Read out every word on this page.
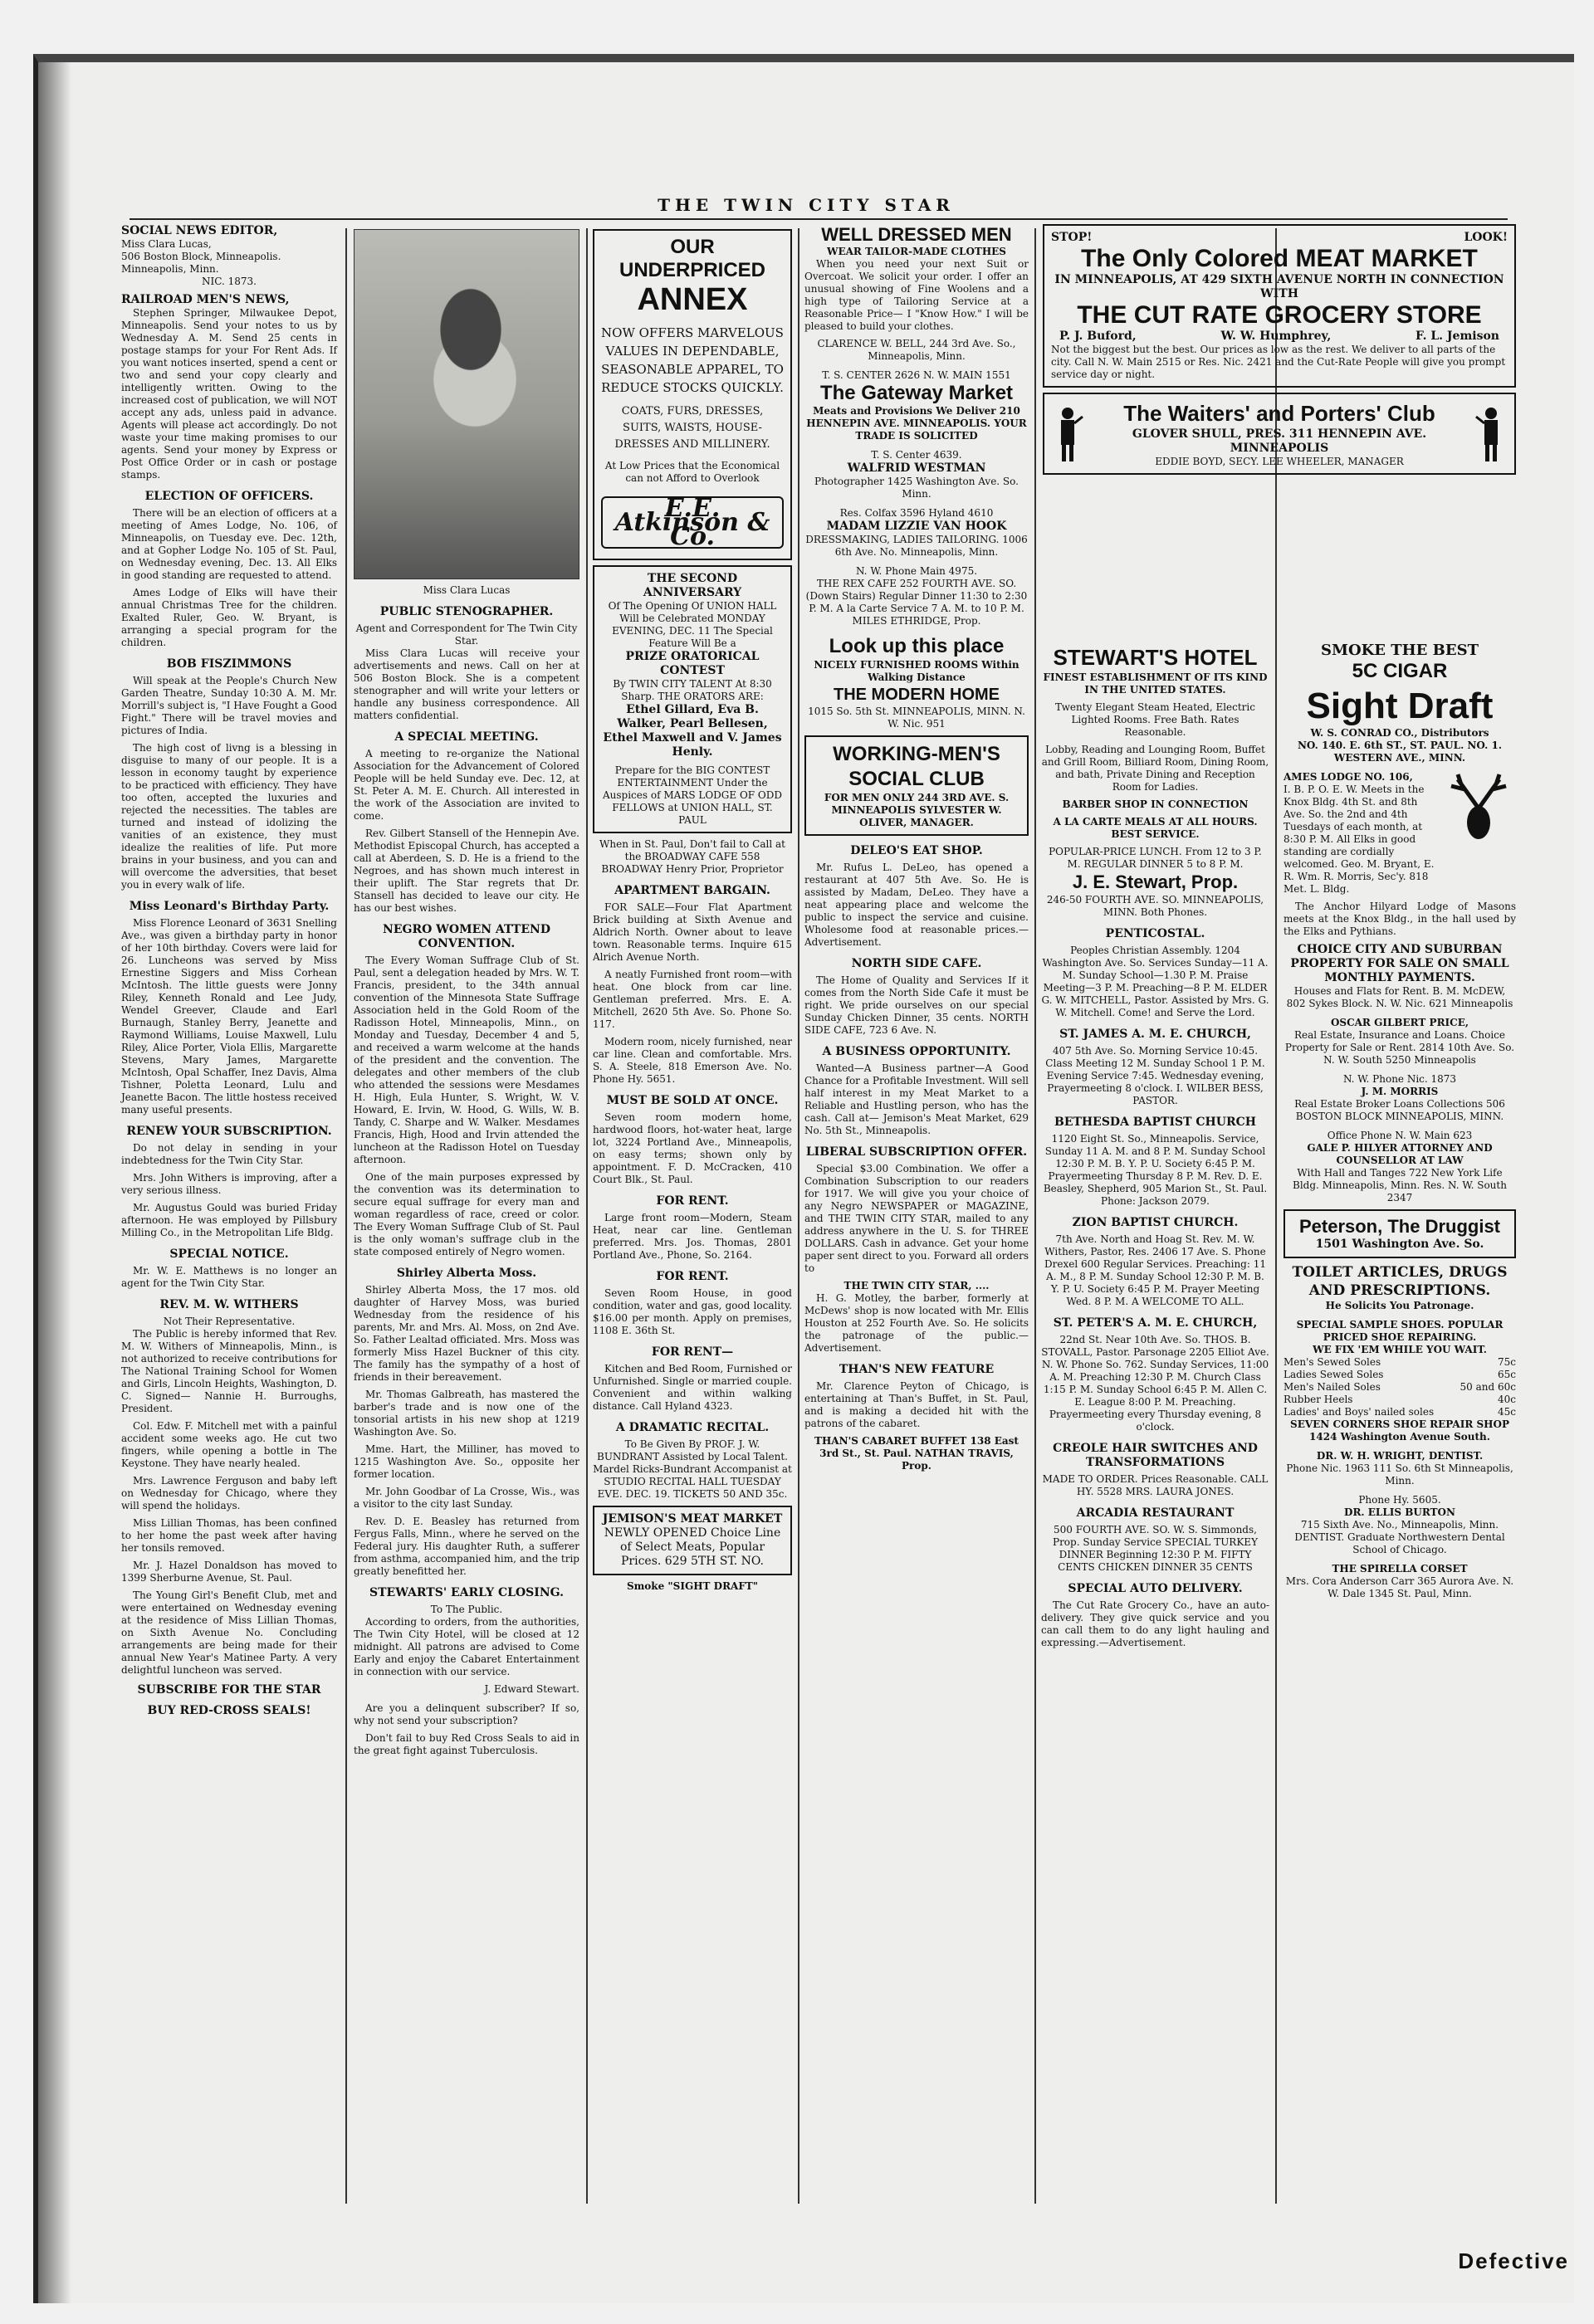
THE TWIN CITY STAR
SOCIAL NEWS EDITOR,
Miss Clara Lucas,
506 Boston Block, Minneapolis.
Minneapolis, Minn.
NIC. 1873.
RAILROAD MEN'S NEWS,

Stephen Springer, Milwaukee Depot, Minneapolis. Send your notes to us by Wednesday A. M. Send 25 cents in postage stamps for your For Rent Ads. If you want notices inserted, spend a cent or two and send your copy clearly and intelligently written. Owing to the increased cost of publication, we will NOT accept any ads, unless paid in advance. Agents will please act accordingly. Do not waste your time making promises to our agents. Send your money by Express or Post Office Order or in cash or postage stamps.

ELECTION OF OFFICERS.

There will be an election of officers at a meeting of Ames Lodge, No. 106, of Minneapolis, on Tuesday eve. Dec. 12th, and at Gopher Lodge No. 105 of St. Paul, on Wednesday evening, Dec. 13. All Elks in good standing are requested to attend.

Ames Lodge of Elks will have their annual Christmas Tree for the children. Exalted Ruler, Geo. W. Bryant, is arranging a special program for the children.

BOB FISZIMMONS

Will speak at the People's Church New Garden Theatre, Sunday 10:30 A. M. Mr. Morrill's subject is, "I Have Fought a Good Fight." There will be travel movies and pictures of India.

The high cost of livng is a blessing in disguise to many of our people. It is a lesson in economy taught by experience to be practiced with efficiency. They have too often, accepted the luxuries and rejected the necessities. The tables are turned and instead of idolizing the vanities of an existence, they must idealize the realities of life. Put more brains in your business, and you can and will overcome the adversities, that beset you in every walk of life.

Miss Leonard's Birthday Party.

Miss Florence Leonard of 3631 Snelling Ave., was given a birthday party in honor of her 10th birthday. Covers were laid for 26. Luncheons was served by Miss Ernestine Siggers and Miss Corhean McIntosh. The little guests were Jonny Riley, Kenneth Ronald and Lee Judy, Wendel Greever, Claude and Earl Burnaugh, Stanley Berry, Jeanette and Raymond Williams, Louise Maxwell, Lulu Riley, Alice Porter, Viola Ellis, Margarette Stevens, Mary James, Margarette McIntosh, Opal Schaffer, Inez Davis, Alma Tishner, Poletta Leonard, Lulu and Jeanette Bacon. The little hostess received many useful presents.

RENEW YOUR SUBSCRIPTION.

Do not delay in sending in your indebtedness for the Twin City Star.

Mrs. John Withers is improving, after a very serious illness.

Mr. Augustus Gould was buried Friday afternoon. He was employed by Pillsbury Milling Co., in the Metropolitan Life Bldg.

SPECIAL NOTICE.

Mr. W. E. Matthews is no longer an agent for the Twin City Star.

REV. M. W. WITHERS
Not Their Representative.

The Public is hereby informed that Rev. M. W. Withers of Minneapolis, Minn., is not authorized to receive contributions for The National Training School for Women and Girls, Lincoln Heights, Washington, D. C. Signed— Nannie H. Burroughs, President.

Col. Edw. F. Mitchell met with a painful accident some weeks ago. He cut two fingers, while opening a bottle in The Keystone. They have nearly healed.

Mrs. Lawrence Ferguson and baby left on Wednesday for Chicago, where they will spend the holidays.

Miss Lillian Thomas, has been confined to her home the past week after having her tonsils removed.

Mr. J. Hazel Donaldson has moved to 1399 Sherburne Avenue, St. Paul.

The Young Girl's Benefit Club, met and were entertained on Wednesday evening at the residence of Miss Lillian Thomas, on Sixth Avenue No. Concluding arrangements are being made for their annual New Year's Matinee Party. A very delightful luncheon was served.

SUBSCRIBE FOR THE STAR
BUY RED-CROSS SEALS!
Miss Clara Lucas
PUBLIC STENOGRAPHER.
Agent and Correspondent for The Twin City Star.

Miss Clara Lucas will receive your advertisements and news. Call on her at 506 Boston Block. She is a competent stenographer and will write your letters or handle any business correspondence. All matters confidential.

A SPECIAL MEETING.

A meeting to re-organize the National Association for the Advancement of Colored People will be held Sunday eve. Dec. 12, at St. Peter A. M. E. Church. All interested in the work of the Association are invited to come.

Rev. Gilbert Stansell of the Hennepin Ave. Methodist Episcopal Church, has accepted a call at Aberdeen, S. D. He is a friend to the Negroes, and has shown much interest in their uplift. The Star regrets that Dr. Stansell has decided to leave our city. He has our best wishes.

NEGRO WOMEN ATTEND CONVENTION.

The Every Woman Suffrage Club of St. Paul, sent a delegation headed by Mrs. W. T. Francis, president, to the 34th annual convention of the Minnesota State Suffrage Association held in the Gold Room of the Radisson Hotel, Minneapolis, Minn., on Monday and Tuesday, December 4 and 5, and received a warm welcome at the hands of the president and the convention. The delegates and other members of the club who attended the sessions were Mesdames H. High, Eula Hunter, S. Wright, W. V. Howard, E. Irvin, W. Hood, G. Wills, W. B. Tandy, C. Sharpe and W. Walker. Mesdames Francis, High, Hood and Irvin attended the luncheon at the Radisson Hotel on Tuesday afternoon.

One of the main purposes expressed by the convention was its determination to secure equal suffrage for every man and woman regardless of race, creed or color. The Every Woman Suffrage Club of St. Paul is the only woman's suffrage club in the state composed entirely of Negro women.

Shirley Alberta Moss.

Shirley Alberta Moss, the 17 mos. old daughter of Harvey Moss, was buried Wednesday from the residence of his parents, Mr. and Mrs. Al. Moss, on 2nd Ave. So. Father Lealtad officiated. Mrs. Moss was formerly Miss Hazel Buckner of this city. The family has the sympathy of a host of friends in their bereavement.

Mr. Thomas Galbreath, has mastered the barber's trade and is now one of the tonsorial artists in his new shop at 1219 Washington Ave. So.

Mme. Hart, the Milliner, has moved to 1215 Washington Ave. So., opposite her former location.

Mr. John Goodbar of La Crosse, Wis., was a visitor to the city last Sunday.

Rev. D. E. Beasley has returned from Fergus Falls, Minn., where he served on the Federal jury. His daughter Ruth, a sufferer from asthma, accompanied him, and the trip greatly benefitted her.

STEWARTS' EARLY CLOSING.
To The Public.

According to orders, from the authorities, The Twin City Hotel, will be closed at 12 midnight. All patrons are advised to Come Early and enjoy the Cabaret Entertainment in connection with our service.

J. Edward Stewart.

Are you a delinquent subscriber? If so, why not send your subscription?

Don't fail to buy Red Cross Seals to aid in the great fight against Tuberculosis.

OUR UNDERPRICED
ANNEX
NOW OFFERS MARVELOUS VALUES IN DEPENDABLE, SEASONABLE APPAREL, TO REDUCE STOCKS QUICKLY.
COATS, FURS, DRESSES, SUITS, WAISTS, HOUSE-DRESSES AND MILLINERY.
At Low Prices that the Economical can not Afford to Overlook
E.E. Atkinson & Co.
THE SECOND ANNIVERSARY
Of The Opening Of UNION HALL Will be Celebrated MONDAY EVENING, DEC. 11 The Special Feature Will Be a
PRIZE ORATORICAL CONTEST
By TWIN CITY TALENT At 8:30 Sharp. THE ORATORS ARE:
Ethel Gillard, Eva B. Walker, Pearl Bellesen, Ethel Maxwell and V. James Henly.
Prepare for the BIG CONTEST ENTERTAINMENT Under the Auspices of MARS LODGE OF ODD FELLOWS at UNION HALL, ST. PAUL
When in St. Paul, Don't fail to Call at the BROADWAY CAFE 558 BROADWAY Henry Prior, Proprietor
APARTMENT BARGAIN.

FOR SALE—Four Flat Apartment Brick building at Sixth Avenue and Aldrich North. Owner about to leave town. Reasonable terms. Inquire 615 Alrich Avenue North.

A neatly Furnished front room—with heat. One block from car line. Gentleman preferred. Mrs. E. A. Mitchell, 2620 5th Ave. So. Phone So. 117.

Modern room, nicely furnished, near car line. Clean and comfortable. Mrs. S. A. Steele, 818 Emerson Ave. No. Phone Hy. 5651.

MUST BE SOLD AT ONCE.

Seven room modern home, hardwood floors, hot-water heat, large lot, 3224 Portland Ave., Minneapolis, on easy terms; shown only by appointment. F. D. McCracken, 410 Court Blk., St. Paul.

FOR RENT.

Large front room—Modern, Steam Heat, near car line. Gentleman preferred. Mrs. Jos. Thomas, 2801 Portland Ave., Phone, So. 2164.

FOR RENT.

Seven Room House, in good condition, water and gas, good locality. $16.00 per month. Apply on premises, 1108 E. 36th St.

FOR RENT—

Kitchen and Bed Room, Furnished or Unfurnished. Single or married couple. Convenient and within walking distance. Call Hyland 4323.

A DRAMATIC RECITAL.
To Be Given By PROF. J. W. BUNDRANT Assisted by Local Talent. Mardel Ricks-Bundrant Accompanist at STUDIO RECITAL HALL TUESDAY EVE. DEC. 19. TICKETS 50 AND 35c.
JEMISON'S MEAT MARKET
NEWLY OPENED Choice Line of Select Meats, Popular Prices. 629 5TH ST. NO.
Smoke "SIGHT DRAFT"
WELL DRESSED MEN
WEAR TAILOR-MADE CLOTHES

When you need your next Suit or Overcoat. We solicit your order. I offer an unusual showing of Fine Woolens and a high type of Tailoring Service at a Reasonable Price— I "Know How." I will be pleased to build your clothes.

CLARENCE W. BELL, 244 3rd Ave. So., Minneapolis, Minn.
T. S. CENTER 2626 N. W. MAIN 1551
The Gateway Market
Meats and Provisions We Deliver 210 HENNEPIN AVE. MINNEAPOLIS. YOUR TRADE IS SOLICITED
T. S. Center 4639.
WALFRID WESTMAN
Photographer 1425 Washington Ave. So. Minn.
Res. Colfax 3596 Hyland 4610
MADAM LIZZIE VAN HOOK
DRESSMAKING, LADIES TAILORING. 1006 6th Ave. No. Minneapolis, Minn.
N. W. Phone Main 4975.
THE REX CAFE 252 FOURTH AVE. SO. (Down Stairs) Regular Dinner 11:30 to 2:30 P. M. A la Carte Service 7 A. M. to 10 P. M. MILES ETHRIDGE, Prop.
Look up this place
NICELY FURNISHED ROOMS Within Walking Distance
THE MODERN HOME
1015 So. 5th St. MINNEAPOLIS, MINN. N. W. Nic. 951
WORKING-MEN'S SOCIAL CLUB
FOR MEN ONLY 244 3RD AVE. S. MINNEAPOLIS SYLVESTER W. OLIVER, MANAGER.
DELEO'S EAT SHOP.

Mr. Rufus L. DeLeo, has opened a restaurant at 407 5th Ave. So. He is assisted by Madam, DeLeo. They have a neat appearing place and welcome the public to inspect the service and cuisine. Wholesome food at reasonable prices.—Advertisement.

NORTH SIDE CAFE.

The Home of Quality and Services If it comes from the North Side Cafe it must be right. We pride ourselves on our special Sunday Chicken Dinner, 35 cents. NORTH SIDE CAFE, 723 6 Ave. N.

A BUSINESS OPPORTUNITY.

Wanted—A Business partner—A Good Chance for a Profitable Investment. Will sell half interest in my Meat Market to a Reliable and Hustling person, who has the cash. Call at— Jemison's Meat Market, 629 No. 5th St., Minneapolis.

LIBERAL SUBSCRIPTION OFFER.

Special $3.00 Combination. We offer a Combination Subscription to our readers for 1917. We will give you your choice of any Negro NEWSPAPER or MAGAZINE, and THE TWIN CITY STAR, mailed to any address anywhere in the U. S. for THREE DOLLARS. Cash in advance. Get your home paper sent direct to you. Forward all orders to

THE TWIN CITY STAR, ....

H. G. Motley, the barber, formerly at McDews' shop is now located with Mr. Ellis Houston at 252 Fourth Ave. So. He solicits the patronage of the public.—Advertisement.

THAN'S NEW FEATURE

Mr. Clarence Peyton of Chicago, is entertaining at Than's Buffet, in St. Paul, and is making a decided hit with the patrons of the cabaret.

THAN'S CABARET BUFFET 138 East 3rd St., St. Paul. NATHAN TRAVIS, Prop.
STOP!	LOOK!
The Only Colored MEAT MARKET
IN MINNEAPOLIS, AT 429 SIXTH AVENUE NORTH IN CONNECTION WITH
THE CUT RATE GROCERY STORE
P. J. Buford,	W. W. Humphrey,	F. L. Jemison
Not the biggest but the best. Our prices as low as the rest. We deliver to all parts of the city. Call N. W. Main 2515 or Res. Nic. 2421 and the Cut-Rate People will give you prompt service day or night.
The Waiters' and Porters' Club
GLOVER SHULL, PRES. 311 HENNEPIN AVE. MINNEAPOLIS
EDDIE BOYD, SECY. LEE WHEELER, MANAGER
STEWART'S HOTEL
FINEST ESTABLISHMENT OF ITS KIND IN THE UNITED STATES.
Twenty Elegant Steam Heated, Electric Lighted Rooms. Free Bath. Rates Reasonable.
Lobby, Reading and Lounging Room, Buffet and Grill Room, Billiard Room, Dining Room, and bath, Private Dining and Reception Room for Ladies.
BARBER SHOP IN CONNECTION
A LA CARTE MEALS AT ALL HOURS. BEST SERVICE.
POPULAR-PRICE LUNCH. From 12 to 3 P. M. REGULAR DINNER 5 to 8 P. M.
J. E. Stewart, Prop.
246-50 FOURTH AVE. SO. MINNEAPOLIS, MINN. Both Phones.
PENTICOSTAL.
Peoples Christian Assembly. 1204 Washington Ave. So. Services Sunday—11 A. M. Sunday School—1.30 P. M. Praise Meeting—3 P. M. Preaching—8 P. M. ELDER G. W. MITCHELL, Pastor. Assisted by Mrs. G. W. Mitchell. Come! and Serve the Lord.
ST. JAMES A. M. E. CHURCH,
407 5th Ave. So. Morning Service 10:45. Class Meeting 12 M. Sunday School 1 P. M. Evening Service 7:45. Wednesday evening, Prayermeeting 8 o'clock. I. WILBER BESS, PASTOR.
BETHESDA BAPTIST CHURCH
1120 Eight St. So., Minneapolis. Service, Sunday 11 A. M. and 8 P. M. Sunday School 12:30 P. M. B. Y. P. U. Society 6:45 P. M. Prayermeeting Thursday 8 P. M. Rev. D. E. Beasley, Shepherd, 905 Marion St., St. Paul. Phone: Jackson 2079.
ZION BAPTIST CHURCH.
7th Ave. North and Hoag St. Rev. M. W. Withers, Pastor, Res. 2406 17 Ave. S. Phone Drexel 600 Regular Services. Preaching: 11 A. M., 8 P. M. Sunday School 12:30 P. M. B. Y. P. U. Society 6:45 P. M. Prayer Meeting Wed. 8 P. M. A WELCOME TO ALL.
ST. PETER'S A. M. E. CHURCH,
22nd St. Near 10th Ave. So. THOS. B. STOVALL, Pastor. Parsonage 2205 Elliot Ave. N. W. Phone So. 762. Sunday Services, 11:00 A. M. Preaching 12:30 P. M. Church Class 1:15 P. M. Sunday School 6:45 P. M. Allen C. E. League 8:00 P. M. Preaching. Prayermeeting every Thursday evening, 8 o'clock.
CREOLE HAIR SWITCHES AND TRANSFORMATIONS
MADE TO ORDER. Prices Reasonable. CALL HY. 5528 MRS. LAURA JONES.
ARCADIA RESTAURANT
500 FOURTH AVE. SO. W. S. Simmonds, Prop. Sunday Service SPECIAL TURKEY DINNER Beginning 12:30 P. M. FIFTY CENTS CHICKEN DINNER 35 CENTS
SPECIAL AUTO DELIVERY.

The Cut Rate Grocery Co., have an auto-delivery. They give quick service and you can call them to do any light hauling and expressing.—Advertisement.

SMOKE THE BEST
5C CIGAR
Sight Draft
W. S. CONRAD CO., Distributors
NO. 140. E. 6th ST., ST. PAUL. NO. 1. WESTERN AVE., MINN.
AMES LODGE NO. 106,
I. B. P. O. E. W. Meets in the Knox Bldg. 4th St. and 8th Ave. So. the 2nd and 4th Tuesdays of each month, at 8:30 P. M. All Elks in good standing are cordially welcomed. Geo. M. Bryant, E. R. Wm. R. Morris, Sec'y. 818 Met. L. Bldg.

The Anchor Hilyard Lodge of Masons meets at the Knox Bldg., in the hall used by the Elks and Pythians.

CHOICE CITY AND SUBURBAN PROPERTY FOR SALE ON SMALL MONTHLY PAYMENTS.
Houses and Flats for Rent. B. M. McDEW, 802 Sykes Block. N. W. Nic. 621 Minneapolis
OSCAR GILBERT PRICE,
Real Estate, Insurance and Loans. Choice Property for Sale or Rent. 2814 10th Ave. So. N. W. South 5250 Minneapolis
N. W. Phone Nic. 1873
J. M. MORRIS
Real Estate Broker Loans Collections 506 BOSTON BLOCK MINNEAPOLIS, MINN.
Office Phone N. W. Main 623
GALE P. HILYER ATTORNEY AND COUNSELLOR AT LAW
With Hall and Tanges 722 New York Life Bldg. Minneapolis, Minn. Res. N. W. South 2347
Peterson, The Druggist
1501 Washington Ave. So.
TOILET ARTICLES, DRUGS AND PRESCRIPTIONS.
He Solicits You Patronage.
SPECIAL SAMPLE SHOES. POPULAR PRICED SHOE REPAIRING.
WE FIX 'EM WHILE YOU WAIT.
Men's Sewed Soles	75c
Ladies Sewed Soles	65c
Men's Nailed Soles	50 and 60c
Rubber Heels	40c
Ladies' and Boys' nailed soles	45c
SEVEN CORNERS SHOE REPAIR SHOP 1424 Washington Avenue South.
DR. W. H. WRIGHT, DENTIST.
Phone Nic. 1963 111 So. 6th St Minneapolis, Minn.
Phone Hy. 5605.
DR. ELLIS BURTON
715 Sixth Ave. No., Minneapolis, Minn. DENTIST. Graduate Northwestern Dental School of Chicago.
THE SPIRELLA CORSET
Mrs. Cora Anderson Carr 365 Aurora Ave. N. W. Dale 1345 St. Paul, Minn.
Defective
